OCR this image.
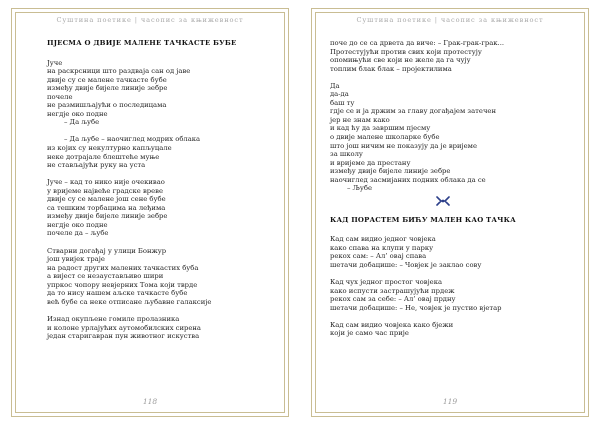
Суштина поетике | часопис за књижевност
ПЈЕСМА О ДВИЈЕ МАЛЕНЕ ТАЧКАСТЕ БУБЕ
Јуче
на раскрсници што раздваја сан од јаве
двије су се малене тачкасте бубе
између двије бијеле линије зебре
почеле
не размишљајући о последицама
негдје око подне
– Да љубе
– Да љубе – наочиглед модрих облака
из којих су некултурно капљуцале
неке дотрајале блештеће муње
не стављајући руку на уста
Јуче – кад то нико није очекивао
у вријеме највеће градске вреве
двије су се малене још сене бубе
са тешким торбацима на леђима
између двије бијеле линије зебре
негдје око подне
почеле да – љубе
Стварни догађај у улици Бонжур
још увијек траје
на радост других малених тачкастих буба
а вијест се незаустављиво шири
упркос чопору невјерних Тома који тврде
да то нису нашем аљске тачкасте бубе
већ бубе са неке отписане љубавне галаксије
Изнад окупљене гомиле пролазника
и колоне урлајућих аутомобилских сирена
један старигавран пун животног искуства
118
Суштина поетике | часопис за књижевност
поче до се са дрвета да виче: – Грак-грак-грак...
Протестујући против свих који протестују
опомињући све који не желе да га чују
топлим блак блак – пројектилима
Да
да-да
баш ту
гдје се и ја држим за главу догађајем затечен
јер не знам како
и кад ћу да завршим пјесму
о двије малене школарке бубе
што још ничим не показују да је вријеме
за школу
и вријеме да престану
између двије бијеле линије зебре
наочиглед засмијаних подних облака да се
– Љубе
КАД ПОРАСТЕМ БИЋУ МАЛЕН КАО ТАЧКА
Кад сам видио једног човјека
како спава на клупи у парку
рекох сам: – Ал’ овај спава
шетачи добацише: – Човјек је заклао сову
Кад чух једног простог човјека
како испусти застрашујући прдеж
рекох сам за себе: – Ал’ овај прдну
шетачи добацише: – Не, човјек је пустио вјетар
Кад сам видио човјека како бјежи
који је само час прије
119
